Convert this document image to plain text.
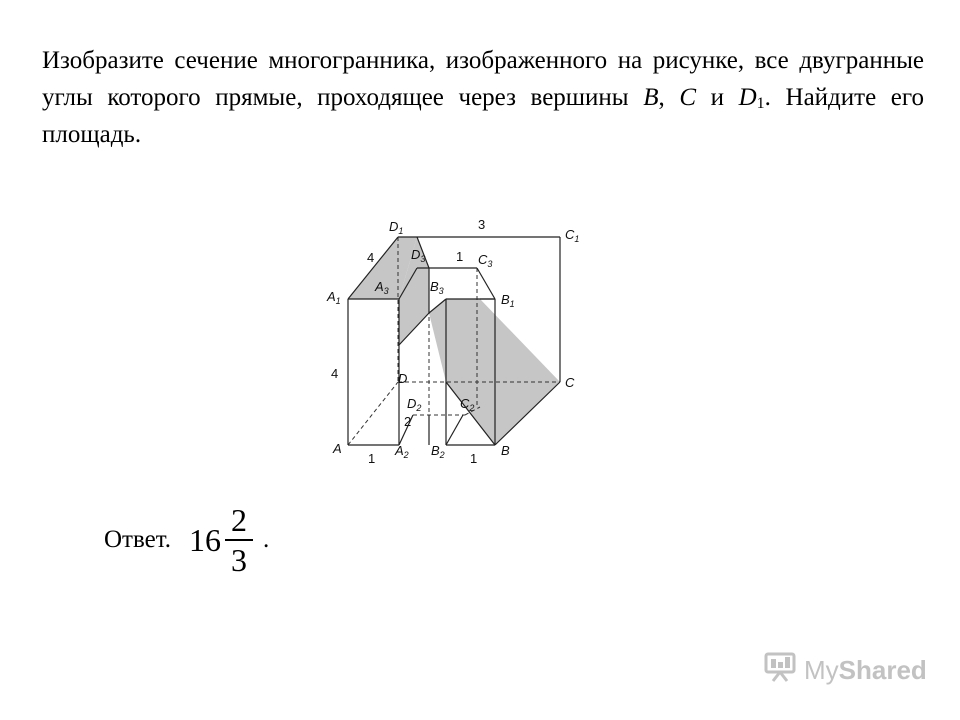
Изобразите сечение многогранника, изображенного на рисунке, все двугранные углы которого прямые, проходящее через вершины B, C и $D_1$. Найдите его площадь.
$D_1$	$C_1$
$D_3$	$C_3$
$A_1$
$A_3$	$B_3$
$B_1$
D	C
$D_2$	$C_2$
A	$A_2$ $B_2$	B
3
4	1
4
2
1	1
Ответ. $16 \frac{2}{3}$ .
My Shared
